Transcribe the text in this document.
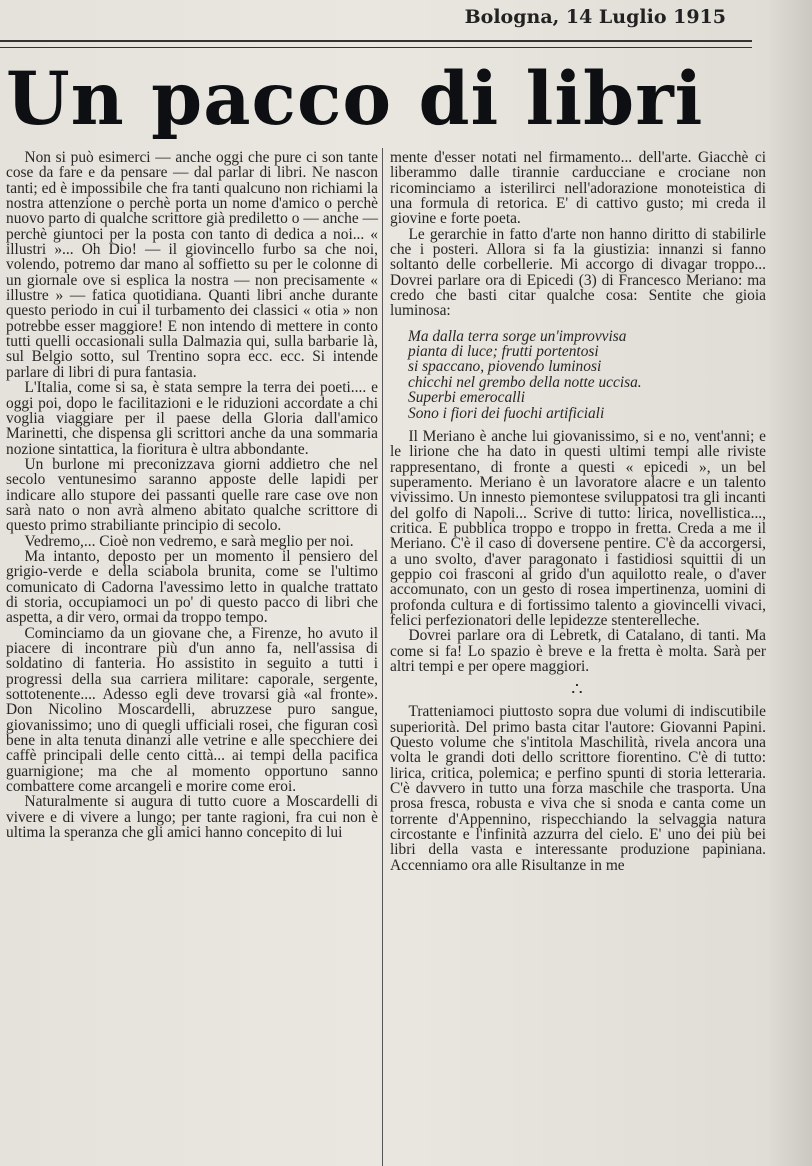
Bologna, 14 Luglio 1915
Un pacco di libri

Non si può esimerci — anche oggi che pure ci son tante cose da fare e da pensare — dal parlar di libri. Ne nascon tanti; ed è impossibile che fra tanti qualcuno non richiami la nostra attenzione o perchè porta un nome d'amico o perchè nuovo parto di qualche scrittore già prediletto o — anche — perchè giuntoci per la posta con tanto di dedica a noi... « illustri »... Oh Dio! — il giovincello furbo sa che noi, volendo, potremo dar mano al soffietto su per le colonne di un giornale ove si esplica la nostra — non precisamente « illustre » — fatica quotidiana. Quanti libri anche durante questo periodo in cui il turbamento dei classici « otia » non potrebbe esser maggiore! E non intendo di mettere in conto tutti quelli occasionali sulla Dalmazia qui, sulla barbarie là, sul Belgio sotto, sul Trentino sopra ecc. ecc. Si intende parlare di libri di pura fantasia.

L'Italia, come si sa, è stata sempre la terra dei poeti.... e oggi poi, dopo le facilitazioni e le riduzioni accordate a chi voglia viaggiare per il paese della Gloria dall'amico Marinetti, che dispensa gli scrittori anche da una sommaria nozione sintattica, la fioritura è ultra abbondante.

Un burlone mi preconizzava giorni addietro che nel secolo ventunesimo saranno apposte delle lapidi per indicare allo stupore dei passanti quelle rare case ove non sarà nato o non avrà almeno abitato qualche scrittore di questo primo strabiliante principio di secolo.

Vedremo,... Cioè non vedremo, e sarà meglio per noi.

Ma intanto, deposto per un momento il pensiero del grigio-verde e della sciabola brunita, come se l'ultimo comunicato di Cadorna l'avessimo letto in qualche trattato di storia, occupiamoci un po' di questo pacco di libri che aspetta, a dir vero, ormai da troppo tempo.

Cominciamo da un giovane che, a Firenze, ho avuto il piacere di incontrare più d'un anno fa, nell'assisa di soldatino di fanteria. Ho assistito in seguito a tutti i progressi della sua carriera militare: caporale, sergente, sottotenente.... Adesso egli deve trovarsi già «al fronte». Don Nicolino Moscardelli, abruzzese puro sangue, giovanissimo; uno di quegli ufficiali rosei, che figuran così bene in alta tenuta dinanzi alle vetrine e alle specchiere dei caffè principali delle cento città... ai tempi della pacifica guarnigione; ma che al momento opportuno sanno combattere come arcangeli e morire come eroi.

Naturalmente si augura di tutto cuore a Moscardelli di vivere e di vivere a lungo; per tante ragioni, fra cui non è ultima la speranza che gli amici hanno concepito di lui

mente d'esser notati nel firmamento... dell'arte. Giacchè ci liberammo dalle tirannie carducciane e crociane non ricominciamo a isterilirci nell'adorazione monoteistica di una formula di retorica. E' di cattivo gusto; mi creda il giovine e forte poeta.

Le gerarchie in fatto d'arte non hanno diritto di stabilirle che i posteri. Allora si fa la giustizia: innanzi si fanno soltanto delle corbellerie. Mi accorgo di divagar troppo... Dovrei parlare ora di Epicedi (3) di Francesco Meriano: ma credo che basti citar qualche cosa: Sentite che gioia luminosa:

Ma dalla terra sorge un'improvvisa
pianta di luce; frutti portentosi
si spaccano, piovendo luminosi
chicchi nel grembo della notte uccisa.
Superbi emerocalli
Sono i fiori dei fuochi artificiali

Il Meriano è anche lui giovanissimo, si e no, vent'anni; e le lirione che ha dato in questi ultimi tempi alle riviste rappresentano, di fronte a questi « epicedi », un bel superamento. Meriano è un lavoratore alacre e un talento vivissimo. Un innesto piemontese sviluppatosi tra gli incanti del golfo di Napoli... Scrive di tutto: lirica, novellistica..., critica. E pubblica troppo e troppo in fretta. Creda a me il Meriano. C'è il caso di doversene pentire. C'è da accorgersi, a uno svolto, d'aver paragonato i fastidiosi squittii di un geppio coi frasconi al grido d'un aquilotto reale, o d'aver accomunato, con un gesto di rosea impertinenza, uomini di profonda cultura e di fortissimo talento a giovincelli vivaci, felici perfezionatori delle lepidezze stenterelleche.

Dovrei parlare ora di Lebretk, di Catalano, di tanti. Ma come si fa! Lo spazio è breve e la fretta è molta. Sarà per altri tempi e per opere maggiori.

∴

Tratteniamoci piuttosto sopra due volumi di indiscutibile superiorità. Del primo basta citar l'autore: Giovanni Papini. Questo volume che s'intitola Maschilità, rivela ancora una volta le grandi doti dello scrittore fiorentino. C'è di tutto: lirica, critica, polemica; e perfino spunti di storia letteraria. C'è davvero in tutto una forza maschile che trasporta. Una prosa fresca, robusta e viva che si snoda e canta come un torrente d'Appennino, rispecchiando la selvaggia natura circostante e l'infinità azzurra del cielo. E' uno dei più bei libri della vasta e interessante produzione papiniana. Accenniamo ora alle Risultanze in me
